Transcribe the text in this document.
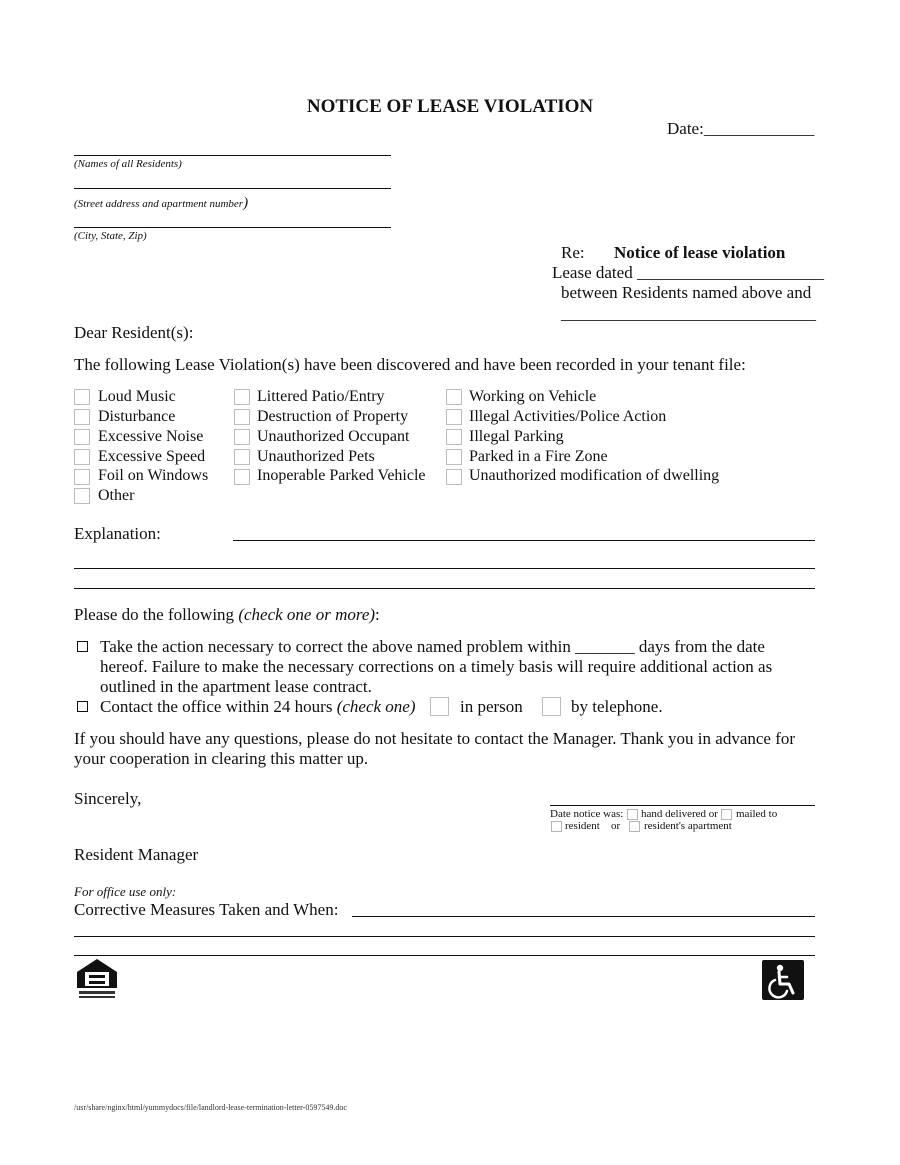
NOTICE OF LEASE VIOLATION
Date:_____________
(Names of all Residents)
(Street address and apartment number)
(City, State, Zip)
Re: Notice of lease violation
Lease dated ______________________
between Residents named above and
______________________________
Dear Resident(s):
The following Lease Violation(s) have been discovered and have been recorded in your tenant file:
Loud Music
Disturbance
Excessive Noise
Excessive Speed
Foil on Windows
Other
Littered Patio/Entry
Destruction of Property
Unauthorized Occupant
Unauthorized Pets
Inoperable Parked Vehicle
Working on Vehicle
Illegal Activities/Police Action
Illegal Parking
Parked in a Fire Zone
Unauthorized modification of dwelling
Explanation:
Please do the following (check one or more):
Take the action necessary to correct the above named problem within _______ days from the date
hereof. Failure to make the necessary corrections on a timely basis will require additional action as
outlined in the apartment lease contract.
Contact the office within 24 hours (check one)	in person	by telephone.
If you should have any questions, please do not hesitate to contact the Manager. Thank you in advance for
your cooperation in clearing this matter up.
Sincerely,
Date notice was: hand delivered or mailed to
resident or resident's apartment
Resident Manager
For office use only:
Corrective Measures Taken and When:
/usr/share/nginx/html/yummydocs/file/landlord-lease-termination-letter-0597549.doc
